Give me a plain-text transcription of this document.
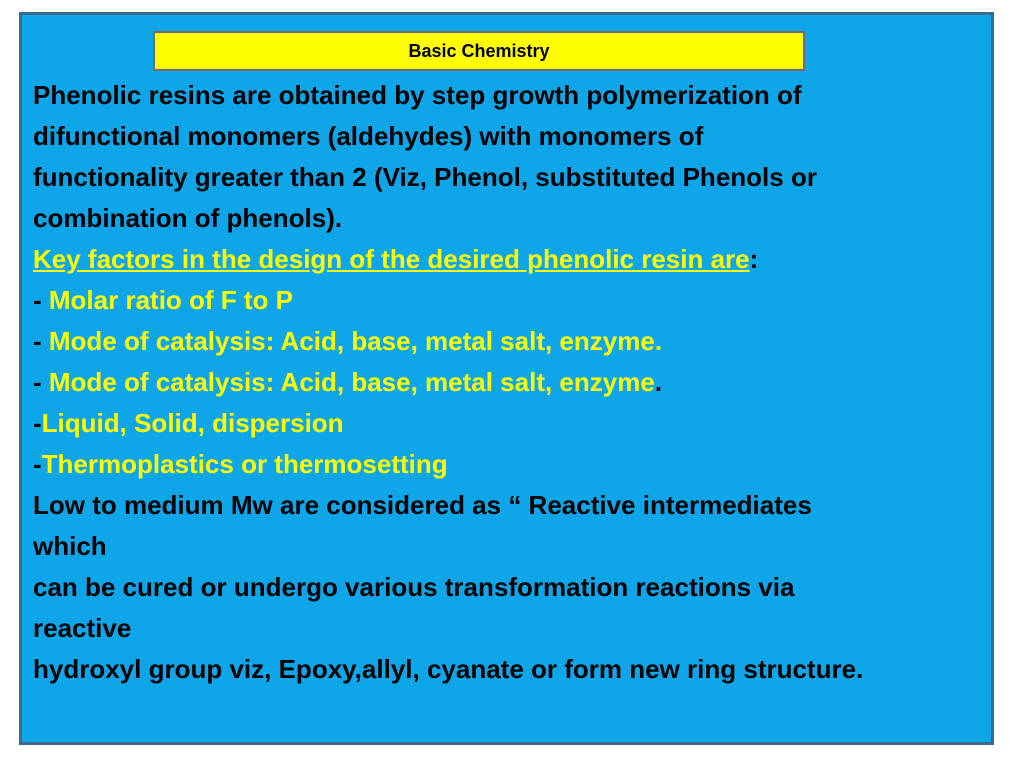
Basic Chemistry
Phenolic resins are obtained by step growth polymerization of
difunctional monomers (aldehydes) with monomers of
functionality greater than 2 (Viz, Phenol, substituted Phenols or
combination of phenols).
Key factors in the design of the desired phenolic resin are:
- Molar ratio of F to P
- Mode of catalysis: Acid, base, metal salt, enzyme.
- Mode of catalysis: Acid, base, metal salt, enzyme.
-Liquid, Solid, dispersion
-Thermoplastics or thermosetting
Low to medium Mw are considered as “ Reactive intermediates
which
can be cured or undergo various transformation reactions via
reactive
hydroxyl group viz, Epoxy,allyl, cyanate or form new ring structure.
